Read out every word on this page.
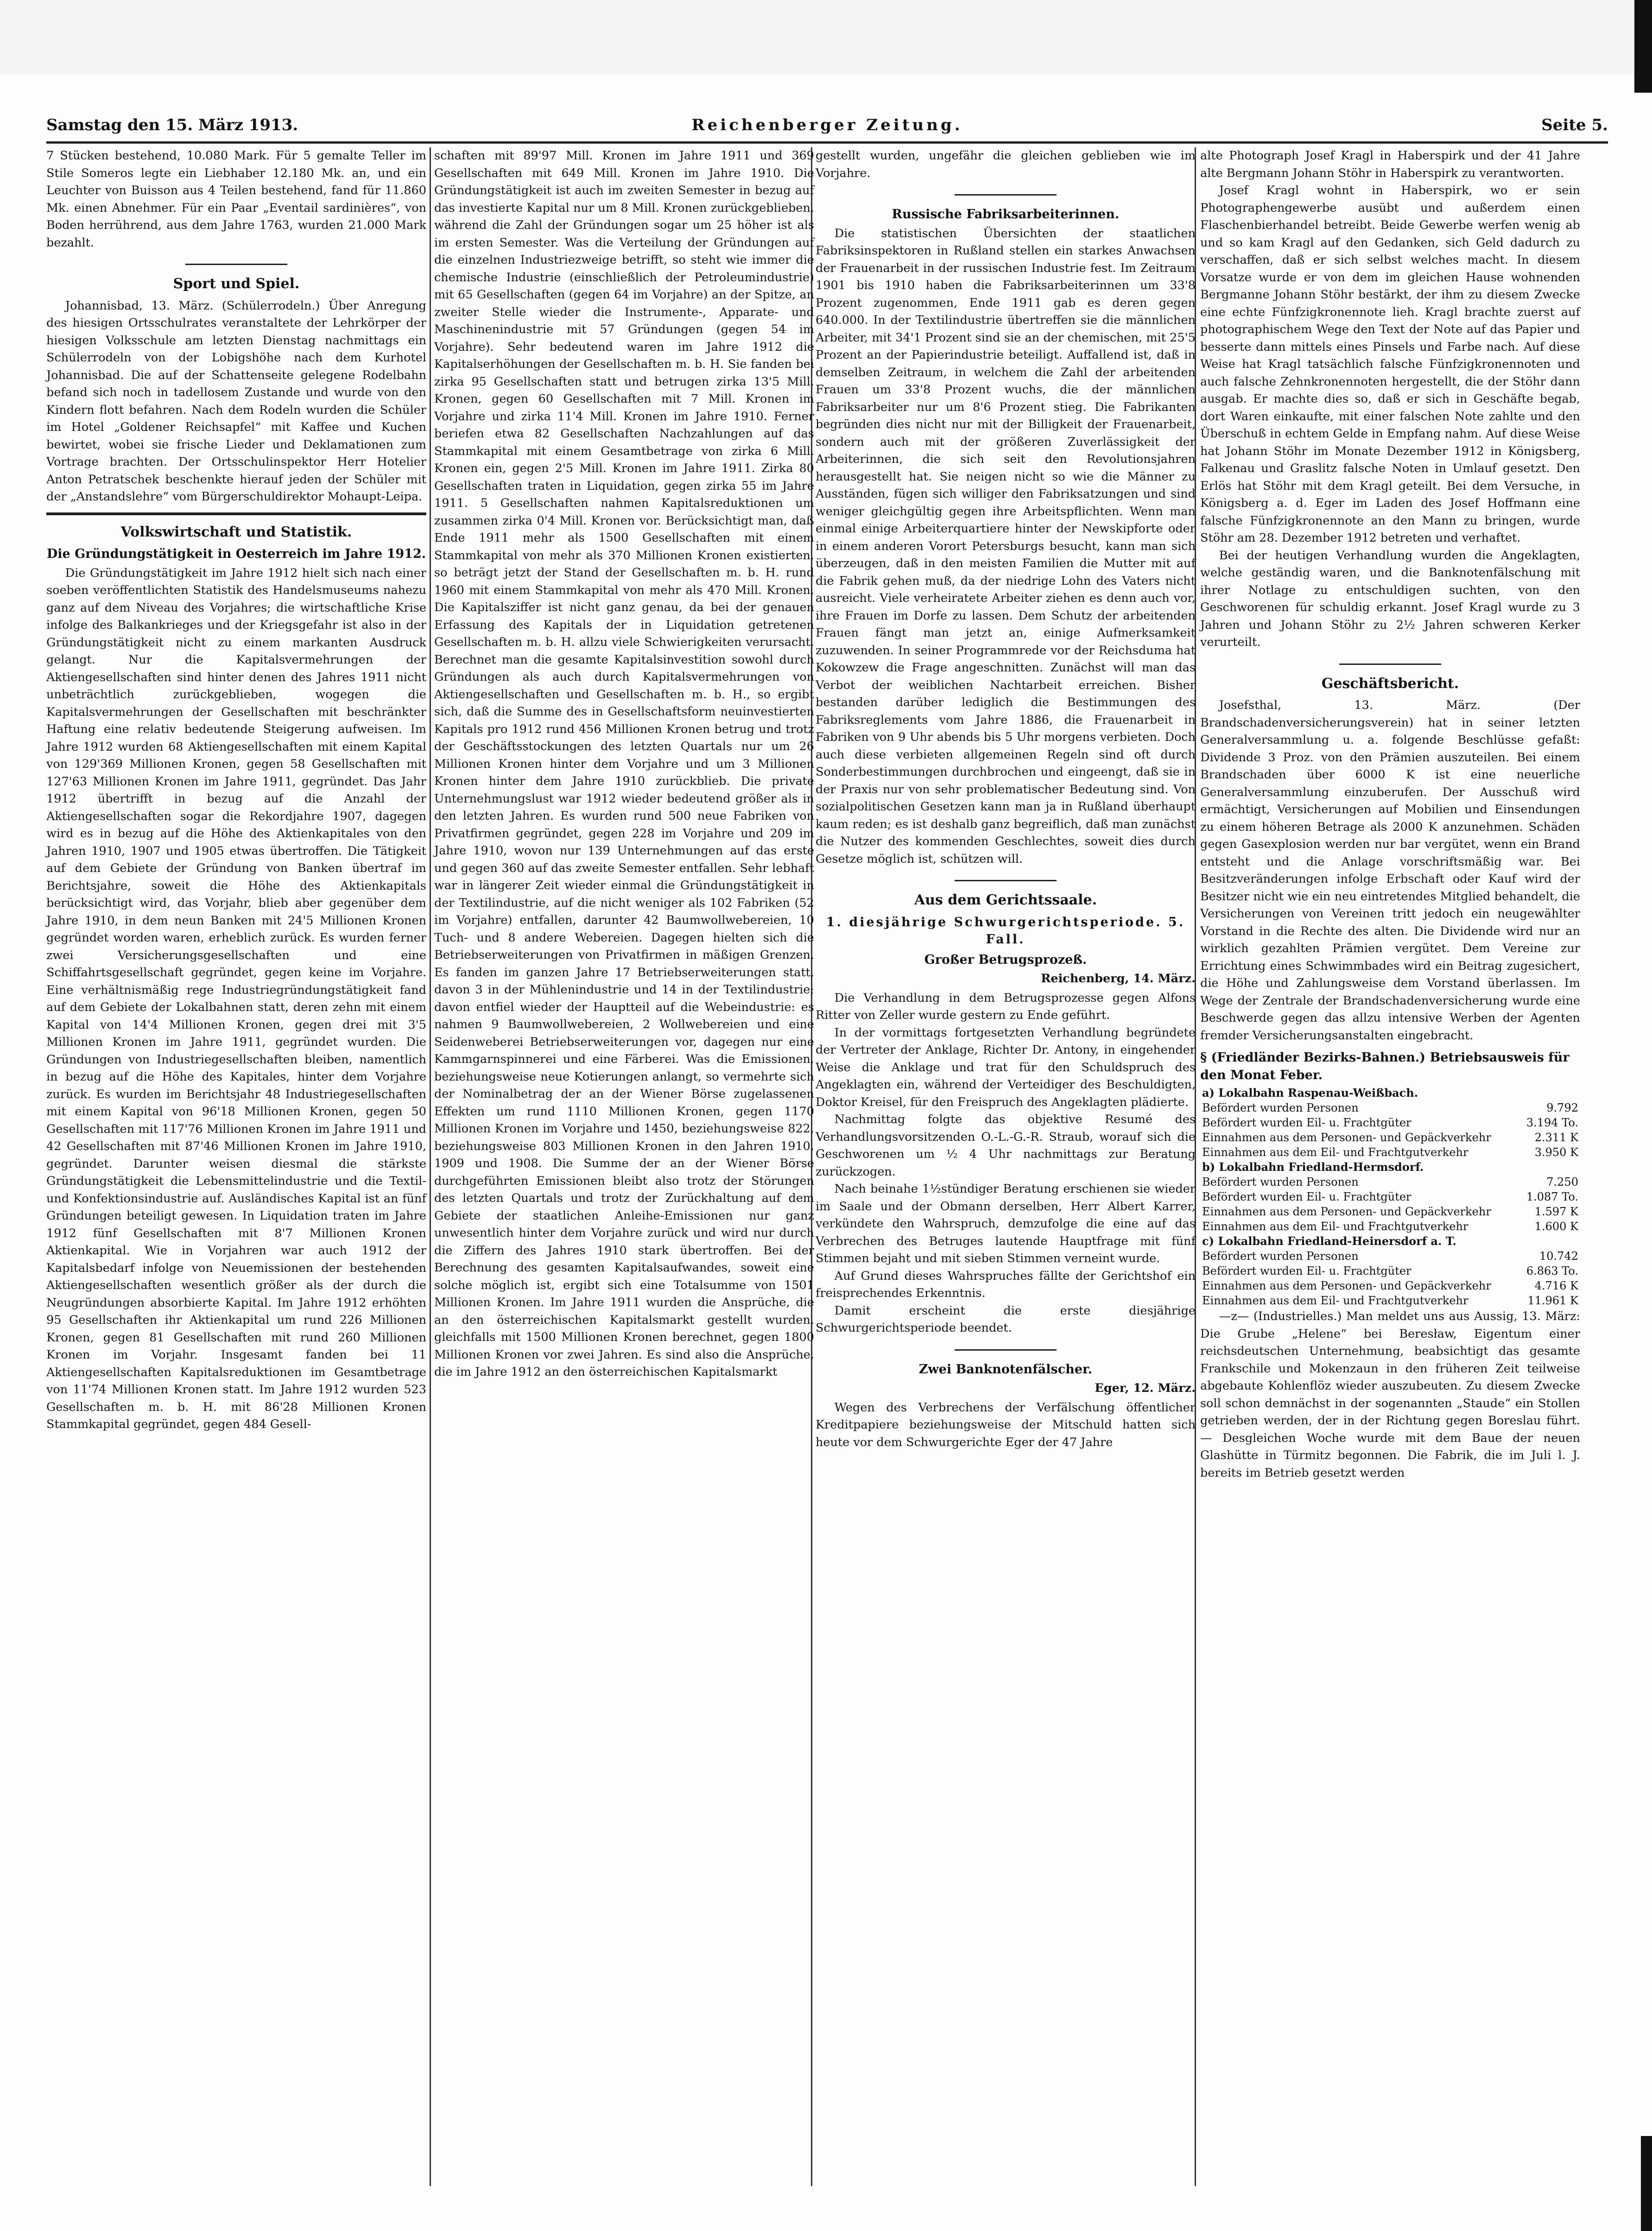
Samstag den 15. März 1913.	Reichenberger Zeitung.	Seite 5.

7 Stücken bestehend, 10.080 Mark. Für 5 gemalte Teller im Stile Someros legte ein Liebhaber 12.180 Mk. an, und ein Leuchter von Buisson aus 4 Teilen bestehend, fand für 11.860 Mk. einen Abnehmer. Für ein Paar „Eventail sardinières“, von Boden herrührend, aus dem Jahre 1763, wurden 21.000 Mark bezahlt.

Sport und Spiel.

Johannisbad, 13. März. (Schülerrodeln.) Über Anregung des hiesigen Ortsschulrates veranstaltete der Lehrkörper der hiesigen Volksschule am letzten Dienstag nachmittags ein Schülerrodeln von der Lobigshöhe nach dem Kurhotel Johannisbad. Die auf der Schattenseite gelegene Rodelbahn befand sich noch in tadellosem Zustande und wurde von den Kindern flott befahren. Nach dem Rodeln wurden die Schüler im Hotel „Goldener Reichsapfel“ mit Kaffee und Kuchen bewirtet, wobei sie frische Lieder und Deklamationen zum Vortrage brachten. Der Ortsschulinspektor Herr Hotelier Anton Petratschek beschenkte hierauf jeden der Schüler mit der „Anstandslehre“ vom Bürgerschuldirektor Mohaupt-Leipa.

Volkswirtschaft und Statistik.
Die Gründungstätigkeit in Oesterreich im Jahre 1912.

Die Gründungstätigkeit im Jahre 1912 hielt sich nach einer soeben veröffentlichten Statistik des Handelsmuseums nahezu ganz auf dem Niveau des Vorjahres; die wirtschaftliche Krise infolge des Balkankrieges und der Kriegsgefahr ist also in der Gründungstätigkeit nicht zu einem markanten Ausdruck gelangt. Nur die Kapitalsvermehrungen der Aktiengesellschaften sind hinter denen des Jahres 1911 nicht unbeträchtlich zurückgeblieben, wogegen die Kapitalsvermehrungen der Gesellschaften mit beschränkter Haftung eine relativ bedeutende Steigerung aufweisen. Im Jahre 1912 wurden 68 Aktiengesellschaften mit einem Kapital von 129'369 Millionen Kronen, gegen 58 Gesellschaften mit 127'63 Millionen Kronen im Jahre 1911, gegründet. Das Jahr 1912 übertrifft in bezug auf die Anzahl der Aktiengesellschaften sogar die Rekordjahre 1907, dagegen wird es in bezug auf die Höhe des Aktienkapitales von den Jahren 1910, 1907 und 1905 etwas übertroffen. Die Tätigkeit auf dem Gebiete der Gründung von Banken übertraf im Berichtsjahre, soweit die Höhe des Aktienkapitals berücksichtigt wird, das Vorjahr, blieb aber gegenüber dem Jahre 1910, in dem neun Banken mit 24'5 Millionen Kronen gegründet worden waren, erheblich zurück. Es wurden ferner zwei Versicherungsgesellschaften und eine Schiffahrtsgesellschaft gegründet, gegen keine im Vorjahre. Eine verhältnismäßig rege Industriegründungstätigkeit fand auf dem Gebiete der Lokalbahnen statt, deren zehn mit einem Kapital von 14'4 Millionen Kronen, gegen drei mit 3'5 Millionen Kronen im Jahre 1911, gegründet wurden. Die Gründungen von Industriegesellschaften bleiben, namentlich in bezug auf die Höhe des Kapitales, hinter dem Vorjahre zurück. Es wurden im Berichtsjahr 48 Industriegesellschaften mit einem Kapital von 96'18 Millionen Kronen, gegen 50 Gesellschaften mit 117'76 Millionen Kronen im Jahre 1911 und 42 Gesellschaften mit 87'46 Millionen Kronen im Jahre 1910, gegründet. Darunter weisen diesmal die stärkste Gründungstätigkeit die Lebensmittelindustrie und die Textil- und Konfektionsindustrie auf. Ausländisches Kapital ist an fünf Gründungen beteiligt gewesen. In Liquidation traten im Jahre 1912 fünf Gesellschaften mit 8'7 Millionen Kronen Aktienkapital. Wie in Vorjahren war auch 1912 der Kapitalsbedarf infolge von Neuemissionen der bestehenden Aktiengesellschaften wesentlich größer als der durch die Neugründungen absorbierte Kapital. Im Jahre 1912 erhöhten 95 Gesellschaften ihr Aktienkapital um rund 226 Millionen Kronen, gegen 81 Gesellschaften mit rund 260 Millionen Kronen im Vorjahr. Insgesamt fanden bei 11 Aktiengesellschaften Kapitalsreduktionen im Gesamtbetrage von 11'74 Millionen Kronen statt. Im Jahre 1912 wurden 523 Gesellschaften m. b. H. mit 86'28 Millionen Kronen Stammkapital gegründet, gegen 484 Gesell-

schaften mit 89'97 Mill. Kronen im Jahre 1911 und 369 Gesellschaften mit 649 Mill. Kronen im Jahre 1910. Die Gründungstätigkeit ist auch im zweiten Semester in bezug auf das investierte Kapital nur um 8 Mill. Kronen zurückgeblieben, während die Zahl der Gründungen sogar um 25 höher ist als im ersten Semester. Was die Verteilung der Gründungen auf die einzelnen Industriezweige betrifft, so steht wie immer die chemische Industrie (einschließlich der Petroleumindustrie) mit 65 Gesellschaften (gegen 64 im Vorjahre) an der Spitze, an zweiter Stelle wieder die Instrumente-, Apparate- und Maschinenindustrie mit 57 Gründungen (gegen 54 im Vorjahre). Sehr bedeutend waren im Jahre 1912 die Kapitalserhöhungen der Gesellschaften m. b. H. Sie fanden bei zirka 95 Gesellschaften statt und betrugen zirka 13'5 Mill. Kronen, gegen 60 Gesellschaften mit 7 Mill. Kronen im Vorjahre und zirka 11'4 Mill. Kronen im Jahre 1910. Ferner beriefen etwa 82 Gesellschaften Nachzahlungen auf das Stammkapital mit einem Gesamtbetrage von zirka 6 Mill. Kronen ein, gegen 2'5 Mill. Kronen im Jahre 1911. Zirka 80 Gesellschaften traten in Liquidation, gegen zirka 55 im Jahre 1911. 5 Gesellschaften nahmen Kapitalsreduktionen um zusammen zirka 0'4 Mill. Kronen vor. Berücksichtigt man, daß Ende 1911 mehr als 1500 Gesellschaften mit einem Stammkapital von mehr als 370 Millionen Kronen existierten, so beträgt jetzt der Stand der Gesellschaften m. b. H. rund 1960 mit einem Stammkapital von mehr als 470 Mill. Kronen. Die Kapitalsziffer ist nicht ganz genau, da bei der genauen Erfassung des Kapitals der in Liquidation getretenen Gesellschaften m. b. H. allzu viele Schwierigkeiten verursacht. Berechnet man die gesamte Kapitalsinvestition sowohl durch Gründungen als auch durch Kapitalsvermehrungen von Aktiengesellschaften und Gesellschaften m. b. H., so ergibt sich, daß die Summe des in Gesellschaftsform neuinvestierten Kapitals pro 1912 rund 456 Millionen Kronen betrug und trotz der Geschäftsstockungen des letzten Quartals nur um 26 Millionen Kronen hinter dem Vorjahre und um 3 Millionen Kronen hinter dem Jahre 1910 zurückblieb. Die private Unternehmungslust war 1912 wieder bedeutend größer als in den letzten Jahren. Es wurden rund 500 neue Fabriken von Privatfirmen gegründet, gegen 228 im Vorjahre und 209 im Jahre 1910, wovon nur 139 Unternehmungen auf das erste und gegen 360 auf das zweite Semester entfallen. Sehr lebhaft war in längerer Zeit wieder einmal die Gründungstätigkeit in der Textilindustrie, auf die nicht weniger als 102 Fabriken (52 im Vorjahre) entfallen, darunter 42 Baumwollwebereien, 10 Tuch- und 8 andere Webereien. Dagegen hielten sich die Betriebserweiterungen von Privatfirmen in mäßigen Grenzen. Es fanden im ganzen Jahre 17 Betriebserweiterungen statt, davon 3 in der Mühlenindustrie und 14 in der Textilindustrie; davon entfiel wieder der Hauptteil auf die Webeindustrie: es nahmen 9 Baumwollwebereien, 2 Wollwebereien und eine Seidenweberei Betriebserweiterungen vor, dagegen nur eine Kammgarnspinnerei und eine Färberei. Was die Emissionen, beziehungsweise neue Kotierungen anlangt, so vermehrte sich der Nominalbetrag der an der Wiener Börse zugelassenen Effekten um rund 1110 Millionen Kronen, gegen 1170 Millionen Kronen im Vorjahre und 1450, beziehungsweise 822, beziehungsweise 803 Millionen Kronen in den Jahren 1910, 1909 und 1908. Die Summe der an der Wiener Börse durchgeführten Emissionen bleibt also trotz der Störungen des letzten Quartals und trotz der Zurückhaltung auf dem Gebiete der staatlichen Anleihe-Emissionen nur ganz unwesentlich hinter dem Vorjahre zurück und wird nur durch die Ziffern des Jahres 1910 stark übertroffen. Bei der Berechnung des gesamten Kapitalsaufwandes, soweit eine solche möglich ist, ergibt sich eine Totalsumme von 1501 Millionen Kronen. Im Jahre 1911 wurden die Ansprüche, die an den österreichischen Kapitalsmarkt gestellt wurden, gleichfalls mit 1500 Millionen Kronen berechnet, gegen 1800 Millionen Kronen vor zwei Jahren. Es sind also die Ansprüche, die im Jahre 1912 an den österreichischen Kapitalsmarkt

gestellt wurden, ungefähr die gleichen geblieben wie im Vorjahre.

Russische Fabriksarbeiterinnen.

Die statistischen Übersichten der staatlichen Fabriksinspektoren in Rußland stellen ein starkes Anwachsen der Frauenarbeit in der russischen Industrie fest. Im Zeitraum 1901 bis 1910 haben die Fabriksarbeiterinnen um 33'8 Prozent zugenommen, Ende 1911 gab es deren gegen 640.000. In der Textilindustrie übertreffen sie die männlichen Arbeiter, mit 34'1 Prozent sind sie an der chemischen, mit 25'5 Prozent an der Papierindustrie beteiligt. Auffallend ist, daß in demselben Zeitraum, in welchem die Zahl der arbeitenden Frauen um 33'8 Prozent wuchs, die der männlichen Fabriksarbeiter nur um 8'6 Prozent stieg. Die Fabrikanten begründen dies nicht nur mit der Billigkeit der Frauenarbeit, sondern auch mit der größeren Zuverlässigkeit der Arbeiterinnen, die sich seit den Revolutionsjahren herausgestellt hat. Sie neigen nicht so wie die Männer zu Ausständen, fügen sich williger den Fabriksatzungen und sind weniger gleichgültig gegen ihre Arbeitspflichten. Wenn man einmal einige Arbeiterquartiere hinter der Newskipforte oder in einem anderen Vorort Petersburgs besucht, kann man sich überzeugen, daß in den meisten Familien die Mutter mit auf die Fabrik gehen muß, da der niedrige Lohn des Vaters nicht ausreicht. Viele verheiratete Arbeiter ziehen es denn auch vor, ihre Frauen im Dorfe zu lassen. Dem Schutz der arbeitenden Frauen fängt man jetzt an, einige Aufmerksamkeit zuzuwenden. In seiner Programmrede vor der Reichsduma hat Kokowzew die Frage angeschnitten. Zunächst will man das Verbot der weiblichen Nachtarbeit erreichen. Bisher bestanden darüber lediglich die Bestimmungen des Fabriksreglements vom Jahre 1886, die Frauenarbeit in Fabriken von 9 Uhr abends bis 5 Uhr morgens verbieten. Doch auch diese verbieten allgemeinen Regeln sind oft durch Sonderbestimmungen durchbrochen und eingeengt, daß sie in der Praxis nur von sehr problematischer Bedeutung sind. Von sozialpolitischen Gesetzen kann man ja in Rußland überhaupt kaum reden; es ist deshalb ganz begreiflich, daß man zunächst die Nutzer des kommenden Geschlechtes, soweit dies durch Gesetze möglich ist, schützen will.

Aus dem Gerichtssaale.
1. diesjährige Schwurgerichtsperiode. 5. Fall.
Großer Betrugsprozeß.
Reichenberg, 14. März.

Die Verhandlung in dem Betrugsprozesse gegen Alfons Ritter von Zeller wurde gestern zu Ende geführt.

In der vormittags fortgesetzten Verhandlung begründete der Vertreter der Anklage, Richter Dr. Antony, in eingehender Weise die Anklage und trat für den Schuldspruch des Angeklagten ein, während der Verteidiger des Beschuldigten, Doktor Kreisel, für den Freispruch des Angeklagten plädierte.

Nachmittag folgte das objektive Resumé des Verhandlungsvorsitzenden O.-L.-G.-R. Straub, worauf sich die Geschworenen um ½ 4 Uhr nachmittags zur Beratung zurückzogen.

Nach beinahe 1½stündiger Beratung erschienen sie wieder im Saale und der Obmann derselben, Herr Albert Karrer, verkündete den Wahrspruch, demzufolge die eine auf das Verbrechen des Betruges lautende Hauptfrage mit fünf Stimmen bejaht und mit sieben Stimmen verneint wurde.

Auf Grund dieses Wahrspruches fällte der Gerichtshof ein freisprechendes Erkenntnis.

Damit erscheint die erste diesjährige Schwurgerichtsperiode beendet.

Zwei Banknotenfälscher.
Eger, 12. März.

Wegen des Verbrechens der Verfälschung öffentlicher Kreditpapiere beziehungsweise der Mitschuld hatten sich heute vor dem Schwurgerichte Eger der 47 Jahre

alte Photograph Josef Kragl in Haberspirk und der 41 Jahre alte Bergmann Johann Stöhr in Haberspirk zu verantworten.

Josef Kragl wohnt in Haberspirk, wo er sein Photographengewerbe ausübt und außerdem einen Flaschenbierhandel betreibt. Beide Gewerbe werfen wenig ab und so kam Kragl auf den Gedanken, sich Geld dadurch zu verschaffen, daß er sich selbst welches macht. In diesem Vorsatze wurde er von dem im gleichen Hause wohnenden Bergmanne Johann Stöhr bestärkt, der ihm zu diesem Zwecke eine echte Fünfzigkronennote lieh. Kragl brachte zuerst auf photographischem Wege den Text der Note auf das Papier und besserte dann mittels eines Pinsels und Farbe nach. Auf diese Weise hat Kragl tatsächlich falsche Fünfzigkronennoten und auch falsche Zehnkronennoten hergestellt, die der Stöhr dann ausgab. Er machte dies so, daß er sich in Geschäfte begab, dort Waren einkaufte, mit einer falschen Note zahlte und den Überschuß in echtem Gelde in Empfang nahm. Auf diese Weise hat Johann Stöhr im Monate Dezember 1912 in Königsberg, Falkenau und Graslitz falsche Noten in Umlauf gesetzt. Den Erlös hat Stöhr mit dem Kragl geteilt. Bei dem Versuche, in Königsberg a. d. Eger im Laden des Josef Hoffmann eine falsche Fünfzigkronennote an den Mann zu bringen, wurde Stöhr am 28. Dezember 1912 betreten und verhaftet.

Bei der heutigen Verhandlung wurden die Angeklagten, welche geständig waren, und die Banknotenfälschung mit ihrer Notlage zu entschuldigen suchten, von den Geschworenen für schuldig erkannt. Josef Kragl wurde zu 3 Jahren und Johann Stöhr zu 2½ Jahren schweren Kerker verurteilt.

Geschäftsbericht.

Josefsthal, 13. März. (Der Brandschadenversicherungsverein) hat in seiner letzten Generalversammlung u. a. folgende Beschlüsse gefaßt: Dividende 3 Proz. von den Prämien auszuteilen. Bei einem Brandschaden über 6000 K ist eine neuerliche Generalversammlung einzuberufen. Der Ausschuß wird ermächtigt, Versicherungen auf Mobilien und Einsendungen zu einem höheren Betrage als 2000 K anzunehmen. Schäden gegen Gasexplosion werden nur bar vergütet, wenn ein Brand entsteht und die Anlage vorschriftsmäßig war. Bei Besitzveränderungen infolge Erbschaft oder Kauf wird der Besitzer nicht wie ein neu eintretendes Mitglied behandelt, die Versicherungen von Vereinen tritt jedoch ein neugewählter Vorstand in die Rechte des alten. Die Dividende wird nur an wirklich gezahlten Prämien vergütet. Dem Vereine zur Errichtung eines Schwimmbades wird ein Beitrag zugesichert, die Höhe und Zahlungsweise dem Vorstand überlassen. Im Wege der Zentrale der Brandschadenversicherung wurde eine Beschwerde gegen das allzu intensive Werben der Agenten fremder Versicherungsanstalten eingebracht.

§ (Friedländer Bezirks-Bahnen.) Betriebsausweis für den Monat Feber.
a) Lokalbahn Raspenau-Weißbach.	
Befördert wurden Personen	9.792
Befördert wurden Eil- u. Frachtgüter	3.194 To.
Einnahmen aus dem Personen- und Gepäckverkehr	2.311 K
Einnahmen aus dem Eil- und Frachtgutverkehr	3.950 K
b) Lokalbahn Friedland-Hermsdorf.	
Befördert wurden Personen	7.250
Befördert wurden Eil- u. Frachtgüter	1.087 To.
Einnahmen aus dem Personen- und Gepäckverkehr	1.597 K
Einnahmen aus dem Eil- und Frachtgutverkehr	1.600 K
c) Lokalbahn Friedland-Heinersdorf a. T.	
Befördert wurden Personen	10.742
Befördert wurden Eil- u. Frachtgüter	6.863 To.
Einnahmen aus dem Personen- und Gepäckverkehr	4.716 K
Einnahmen aus dem Eil- und Frachtgutverkehr	11.961 K

—z— (Industrielles.) Man meldet uns aus Aussig, 13. März: Die Grube „Helene“ bei Beresław, Eigentum einer reichsdeutschen Unternehmung, beabsichtigt das gesamte Frankschile und Mokenzaun in den früheren Zeit teilweise abgebaute Kohlenflöz wieder auszubeuten. Zu diesem Zwecke soll schon demnächst in der sogenannten „Staude“ ein Stollen getrieben werden, der in der Richtung gegen Boreslau führt. — Desgleichen Woche wurde mit dem Baue der neuen Glashütte in Türmitz begonnen. Die Fabrik, die im Juli l. J. bereits im Betrieb gesetzt werden
